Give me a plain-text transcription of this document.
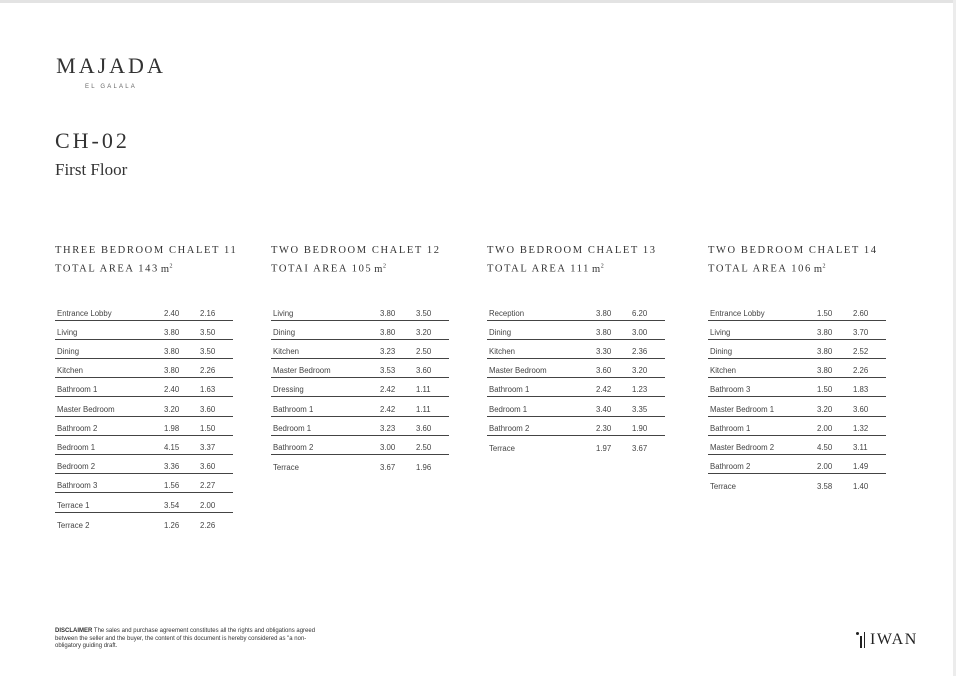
MAJADA
EL GALALA
CH-02
First Floor
THREE BEDROOM CHALET 11
TOTAL AREA 143 $m^2$
Entrance Lobby	2.40	2.16
Living	3.80	3.50
Dining	3.80	3.50
Kitchen	3.80	2.26
Bathroom 1	2.40	1.63
Master Bedroom	3.20	3.60
Bathroom 2	1.98	1.50
Bedroom 1	4.15	3.37
Bedroom 2	3.36	3.60
Bathroom 3	1.56	2.27
Terrace 1	3.54	2.00
Terrace 2	1.26	2.26
TWO BEDROOM CHALET 12
TOTAI AREA 105 $m^2$
Living	3.80	3.50
Dining	3.80	3.20
Kitchen	3.23	2.50
Master Bedroom	3.53	3.60
Dressing	2.42	1.11
Bathroom 1	2.42	1.11
Bedroom 1	3.23	3.60
Bathroom 2	3.00	2.50
Terrace	3.67	1.96
TWO BEDROOM CHALET 13
TOTAL AREA 111 $m^2$
Reception	3.80	6.20
Dining	3.80	3.00
Kitchen	3.30	2.36
Master Bedroom	3.60	3.20
Bathroom 1	2.42	1.23
Bedroom 1	3.40	3.35
Bathroom 2	2.30	1.90
Terrace	1.97	3.67
TWO BEDROOM CHALET 14
TOTAL AREA 106 $m^2$
Entrance Lobby	1.50	2.60
Living	3.80	3.70
Dining	3.80	2.52
Kitchen	3.80	2.26
Bathroom 3	1.50	1.83
Master Bedroom 1	3.20	3.60
Bathroom 1	2.00	1.32
Master Bedroom 2	4.50	3.11
Bathroom 2	2.00	1.49
Terrace	3.58	1.40
DISCLAIMER The sales and purchase agreement constitutes all the rights and obligations agreed between the seller and the buyer, the content of this document is hereby considered as "a non-obligatory guiding draft.	IWAN
